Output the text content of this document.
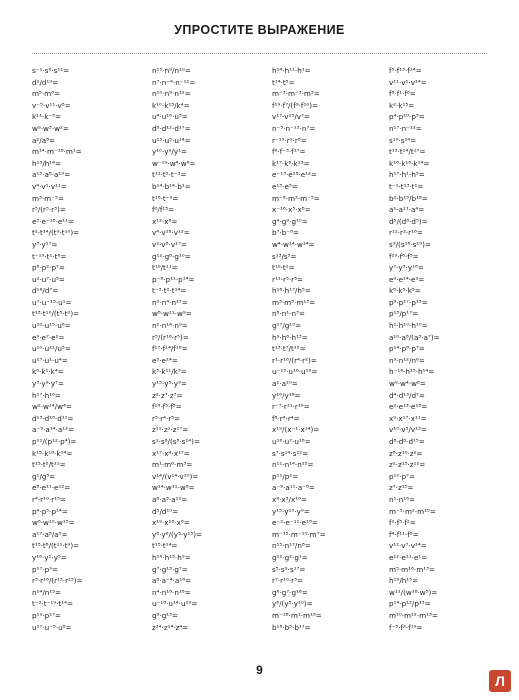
УПРОСТИТЕ ВЫРАЖЕНИЕ
s⁻¹·s⁶·s¹¹=
d²/d¹⁹=
m⁵·m⁸=
v⁻⁵·v¹¹·v⁸=
k¹¹·k⁻³=
w⁹·w³·w²=
a²/a⁸=
m¹⁴·m⁻¹⁸·m¹=
h¹³/h¹⁴=
a¹³·a⁸·a¹⁹=
v⁴·v¹·v¹¹=
m³·m⁻⁵=
r⁵/(r⁵·r³)=
e³·e⁻¹⁸·e¹¹=
t²·t¹⁴/(t⁹·t¹⁰)=
y³·y¹⁷=
t⁻¹⁹·t¹·t⁶=
p⁸·p²·p⁷=
u²·u⁷·u⁵=
d¹⁶/d⁷=
u⁷·u⁻¹⁵·u¹=
t¹³·t¹⁰/(t⁵·t²)=
u¹⁰·u¹⁵·u⁶=
e⁹·e⁷·e²=
u¹⁰·u¹¹/u⁵=
u¹⁷·u¹·u⁴=
k⁶·k¹·k⁴=
y³·y⁹·y⁷=
h¹⁷·h¹⁶=
w²·w¹⁴/w⁴=
d¹³·d¹⁸·d¹¹=
a⁻⁹·a¹⁴·a¹²=
p¹¹/(p¹²·p⁴)=
k¹⁵·k¹⁸·k¹⁴=
t¹⁵·t²/t¹¹=
g¹/g⁵=
e⁸·e¹¹·e¹²=
r⁴·r¹⁰·r¹⁵=
p⁴·p⁵·p¹⁴=
w⁶·w¹⁰·w¹⁵=
a¹⁷·a⁸/a⁵=
t¹⁵·t⁸/(t¹¹·t⁹)=
y¹⁶·y¹·y⁵=
p¹⁷·p⁹=
r³·r¹⁶/(r¹³·r¹⁵)=
n¹⁴/n¹⁵=
t⁻²·t⁻¹⁹·t¹⁴=
p¹⁹·p¹⁷=
u¹⁷·u⁻⁵·u⁸=
n¹⁵·n⁹/n¹⁰=
n⁷·n⁻⁴·n⁻¹¹=
n¹⁰·n⁹·n¹²=
k¹⁰·k¹⁵/k⁴=
u⁴·u¹⁶·u⁵=
d⁸·d¹²·d¹⁷=
u¹³·u⁵·u¹⁴=
y¹⁰·y⁹/y¹=
w⁻¹⁹·w⁴·w⁶=
t¹¹·t⁵·t⁻³=
b¹⁴·b¹⁴·b¹=
t¹⁶·t⁻⁹=
f²/f¹⁵=
x¹²·x⁸=
v⁴·v¹⁸·v¹²=
v²·v⁸·v¹⁷=
g¹²·g⁸·g¹⁰=
t¹⁹/t¹¹=
p⁻⁸·p¹¹·p¹⁴=
t⁻³·t²·t¹⁴=
n⁹·n⁴·n¹⁷=
w⁸·w¹¹·w⁹=
n²·n¹⁴·n⁹=
r⁵/(r¹⁶·r⁵)=
f¹⁷·f¹⁴/f¹⁸=
e⁵·e¹⁴=
k³·k¹¹/k³=
y¹⁵·y⁵·y⁹=
z²·z⁷·z⁷=
f¹⁶·f⁵·f⁵=
r⁵·r⁴·r⁵=
z¹¹·z¹·z¹⁷=
s¹·s⁶/(s⁸·s¹⁴)=
x¹⁷·x⁴·x¹⁷=
m¹·m⁶·m³=
v¹⁴/(v¹⁴·v¹⁰)=
w¹⁴·w¹¹·w⁸=
a⁶·a⁵·a¹²=
d⁵/d¹⁰=
x¹⁹·x¹⁶·x⁶=
y⁸·y⁶/(y⁵·y¹⁵)=
t¹⁵·t¹⁴=
h¹⁶·h¹³·h⁹=
g⁷·g¹³·g⁷=
a⁸·a⁻⁴·a¹⁶=
n⁴·n¹⁶·n¹⁸=
u⁻¹⁸·u¹⁴·u¹⁹=
g⁹·g¹³=
z¹⁴·z¹⁴·z⁴=
h¹⁴·h¹¹·h¹=
t¹⁴·t⁵=
m⁻³·m⁻³·m³=
f¹⁹·f⁷/(f⁹·f¹⁰)=
v¹⁷·v¹⁵/v⁷=
n⁻⁵·n⁻¹³·n⁷=
r⁻¹⁹·r⁹·r⁸=
f⁶·f⁻³·f¹⁷=
k¹⁷·k⁸·k¹³=
e⁻¹³·e¹⁸·e¹²=
e¹³·e⁵=
m⁻⁸·m²·m⁻⁵=
x⁻¹⁶·x⁵·x⁸=
g⁴·g⁹·g¹⁰=
b⁷·b⁻⁸=
w⁴·w¹⁴·w¹⁴=
s¹³/s⁵=
t¹⁹·t¹=
r¹¹·r⁵·r⁵=
h¹⁸·h¹⁷/h⁵=
m³·m³·m¹³=
n⁸·n¹·n³=
g¹⁷/g¹⁰=
h⁹·h⁶·h¹³=
t¹³·t⁷/t¹⁵=
r¹·r¹⁶/(r⁴·r²)=
u⁻¹⁵·u¹⁶·u¹⁶=
a¹·a¹⁰=
y¹⁶/y¹⁹=
r⁻⁷·r¹¹·r¹⁹=
f⁸·r⁴·r⁴=
x¹⁹/(x⁻¹·x¹⁴)=
u¹⁶·u⁷·u¹⁸=
s⁷·s¹⁴·s¹²=
n¹¹·n¹⁴·n¹⁵=
p¹¹/p²=
a⁻⁹·a¹¹·a⁻⁸=
x⁴·x³/x¹⁶=
y¹⁵·y¹⁰·y⁹=
e⁻²·e⁻¹¹·e¹⁸=
m⁻¹⁵·m⁻¹⁰·m⁷=
n¹⁵·n¹⁷/n⁸=
g¹²·g²·g¹=
s⁵·s⁹·s¹⁷=
r⁷·r¹⁰·r⁵=
g⁶·g⁷·g¹⁶=
y⁶/(y⁵·y¹⁰)=
m⁻¹⁸·m¹·m¹⁸=
b¹⁸·b⁵·b¹⁷=
f⁵·f¹³·f¹⁴=
v¹¹·v¹·v¹⁴=
f⁸·f¹·f⁶=
k²·k¹⁵=
p⁴·p¹⁰·p⁵=
n¹⁷·n⁻¹²=
s¹⁹·s¹⁴=
t¹⁵·t¹⁴/t¹⁷=
k¹⁶·k¹⁶·k¹⁴=
h¹⁷·h¹·h⁵=
t⁻¹·t¹³·t¹=
b²·b¹⁵/b¹⁸=
a¹·a¹¹·a⁴=
d⁵/(d⁶·d⁵)=
r¹²·r²·r¹⁶=
s⁹/(s¹⁶·s¹⁹)=
f¹⁹·f⁶·f⁵=
y⁷·y³·y¹⁶=
e⁹·e¹⁴·e⁹=
k⁸·k⁵·k⁵=
p⁹·p¹⁷·p¹⁵=
p¹⁵/p¹⁷=
h¹·h¹⁰·h¹⁰=
a¹⁰·a⁸/(a³·a⁷)=
p¹⁴·p⁸·p⁷=
n⁹·n¹²/n⁶=
h⁻¹⁶·h¹⁵·h¹⁴=
w⁹·w⁴·w⁸=
d⁴·d¹³/d⁷=
e²·e¹³·e¹⁸=
x⁹·x¹⁷·x¹¹=
v¹⁰·v⁵/v¹³=
d⁸·d⁸·d¹⁵=
z⁸·z¹⁰·z²=
z²·z¹⁵·z¹²=
p¹⁰·p⁷=
z⁷·z¹⁵=
n¹·n¹⁶=
m⁻⁵·m²·m¹⁵=
f²·f⁵·f²=
f⁴·f¹¹·f⁸=
v¹²·v⁷·v¹⁴=
e¹²·e¹¹·e¹=
m⁵·m¹⁶·m¹³=
h¹⁹/h¹⁵=
w¹¹/(w¹⁸·w⁵)=
p¹⁴·p¹²/p¹³=
m¹⁰·m¹²·m¹³=
f⁻⁵·f²·f¹⁹=
9
Л
